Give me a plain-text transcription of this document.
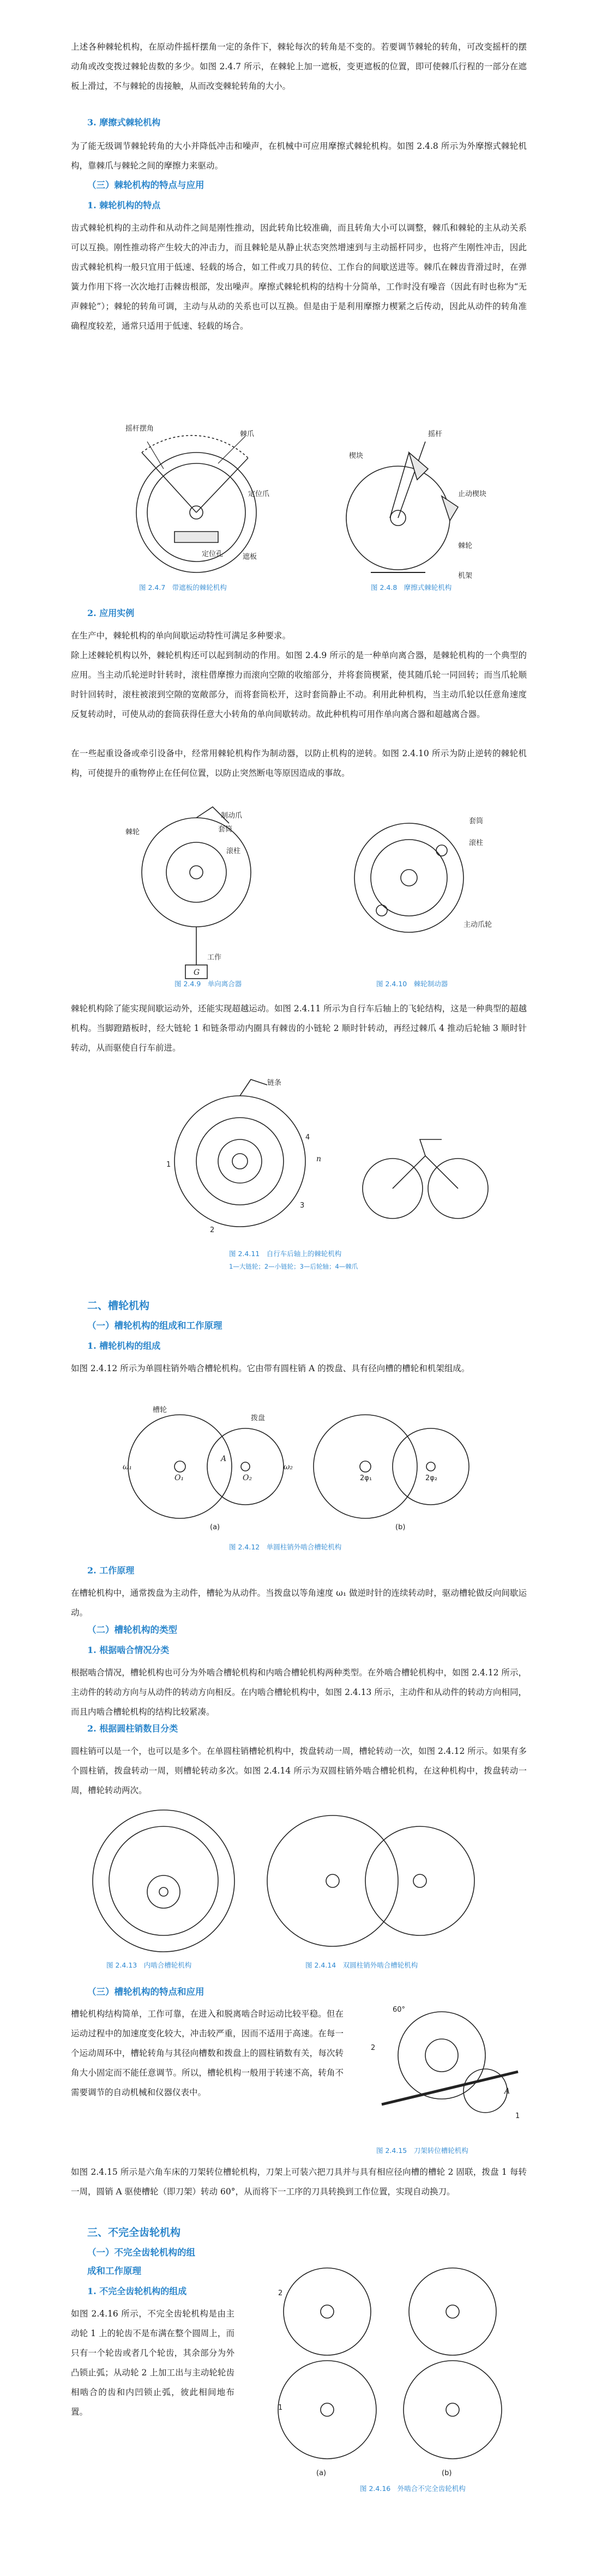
上述各种棘轮机构，在原动件摇杆摆角一定的条件下，棘轮每次的转角是不变的。若要调节棘轮的转角，可改变摇杆的摆动角或改变拨过棘轮齿数的多少。如图 2.4.7 所示，在棘轮上加一遮板，变更遮板的位置，即可使棘爪行程的一部分在遮板上滑过，不与棘轮的齿接触，从而改变棘轮转角的大小。

3. 摩擦式棘轮机构

为了能无级调节棘轮转角的大小并降低冲击和噪声，在机械中可应用摩擦式棘轮机构。如图 2.4.8 所示为外摩擦式棘轮机构，靠棘爪与棘轮之间的摩擦力来驱动。

（三）棘轮机构的特点与应用

1. 棘轮机构的特点

齿式棘轮机构的主动件和从动件之间是刚性推动，因此转角比较准确，而且转角大小可以调整，棘爪和棘轮的主从动关系可以互换。刚性推动将产生较大的冲击力，而且棘轮是从静止状态突然增速到与主动摇杆同步，也将产生刚性冲击，因此齿式棘轮机构一般只宜用于低速、轻载的场合，如工件或刀具的转位、工作台的间歇送进等。棘爪在棘齿背滑过时，在弹簧力作用下将一次次地打击棘齿根部，发出噪声。摩擦式棘轮机构的结构十分简单，工作时没有噪音（因此有时也称为“无声棘轮”）；棘轮的转角可调，主动与从动的关系也可以互换。但是由于是利用摩擦力楔紧之后传动，因此从动件的转角准确程度较差，通常只适用于低速、轻载的场合。

摇杆摆角
棘爪
定位爪
遮板
定位孔
图 2.4.7　带遮板的棘轮机构
摇杆
楔块
止动楔块
棘轮
机架
图 2.4.8　摩擦式棘轮机构

2. 应用实例

在生产中，棘轮机构的单向间歇运动特性可满足多种要求。

除上述棘轮机构以外，棘轮机构还可以起到制动的作用。如图 2.4.9 所示的是一种单向离合器，是棘轮机构的一个典型的应用。当主动爪轮逆时针转时，滚柱借摩擦力而滚向空隙的收缩部分，并将套筒楔紧，使其随爪轮一同回转；而当爪轮顺时针回转时，滚柱被滚到空隙的宽敞部分，而将套筒松开，这时套筒静止不动。利用此种机构，当主动爪轮以任意角速度反复转动时，可使从动的套筒获得任意大小转角的单向间歇转动。故此种机构可用作单向离合器和超越离合器。

在一些起重设备或牵引设备中，经常用棘轮机构作为制动器，以防止机构的逆转。如图 2.4.10 所示为防止逆转的棘轮机构，可使提升的重物停止在任何位置，以防止突然断电等原因造成的事故。

棘轮
制动爪
套筒
滚柱
工作
G
图 2.4.9　单向离合器
套筒
滚柱
主动爪轮
图 2.4.10　棘轮制动器

棘轮机构除了能实现间歇运动外，还能实现超越运动。如图 2.4.11 所示为自行车后轴上的飞轮结构，这是一种典型的超越机构。当脚蹬踏板时，经大链轮 1 和链条带动内圈具有棘齿的小链轮 2 顺时针转动，再经过棘爪 4 推动后轮轴 3 顺时针转动，从而驱使自行车前进。

链条
1
2
3
4
n
图 2.4.11　自行车后轴上的棘轮机构
1—大链轮；2—小链轮；3—后轮轴；4—棘爪

二、槽轮机构

（一）槽轮机构的组成和工作原理

1. 槽轮机构的组成

如图 2.4.12 所示为单圆柱销外啮合槽轮机构。它由带有圆柱销 A 的拨盘、具有径向槽的槽轮和机架组成。

槽轮
拨盘
A
ω₁	ω₂
O₁	O₂	2φ₁	2φ₂
(a)	(b)
图 2.4.12　单圆柱销外啮合槽轮机构

2. 工作原理

在槽轮机构中，通常拨盘为主动件，槽轮为从动件。当拨盘以等角速度 ω₁ 做逆时针的连续转动时，驱动槽轮做反向间歇运动。

（二）槽轮机构的类型

1. 根据啮合情况分类

根据啮合情况，槽轮机构也可分为外啮合槽轮机构和内啮合槽轮机构两种类型。在外啮合槽轮机构中，如图 2.4.12 所示，主动件的转动方向与从动件的转动方向相反。在内啮合槽轮机构中，如图 2.4.13 所示，主动件和从动件的转动方向相同，而且内啮合槽轮机构的结构比较紧凑。

2. 根据圆柱销数目分类

圆柱销可以是一个，也可以是多个。在单圆柱销槽轮机构中，拨盘转动一周，槽轮转动一次，如图 2.4.12 所示。如果有多个圆柱销，拨盘转动一周，则槽轮转动多次。如图 2.4.14 所示为双圆柱销外啮合槽轮机构，在这种机构中，拨盘转动一周，槽轮转动两次。

图 2.4.13　内啮合槽轮机构	图 2.4.14　双圆柱销外啮合槽轮机构

（三）槽轮机构的特点和应用

槽轮机构结构简单，工作可靠，在进入和脱离啮合时运动比较平稳。但在运动过程中的加速度变化较大，冲击较严重，因而不适用于高速。在每一个运动周环中，槽轮转角与其径向槽数和拨盘上的圆柱销数有关，每次转角大小固定而不能任意调节。所以，槽轮机构一般用于转速不高，转角不需要调节的自动机械和仪器仪表中。

60°
1
2
A
图 2.4.15　刀架转位槽轮机构

如图 2.4.15 所示是六角车床的刀架转位槽轮机构，刀架上可装六把刀具并与具有相应径向槽的槽轮 2 固联，拨盘 1 每转一周，圆销 A 驱使槽轮（即刀架）转动 60°，从而将下一工序的刀具转换到工作位置，实现自动换刀。

三、不完全齿轮机构

（一）不完全齿轮机构的组

成和工作原理

1. 不完全齿轮机构的组成

如图 2.4.16 所示，不完全齿轮机构是由主动轮 1 上的轮齿不是布满在整个圆周上，而只有一个轮齿或者几个轮齿，其余部分为外凸锁止弧；从动轮 2 上加工出与主动轮轮齿相啮合的齿和内凹锁止弧，彼此相间地布置。

2
1
(a)	(b)
图 2.4.16　外啮合不完全齿轮机构
